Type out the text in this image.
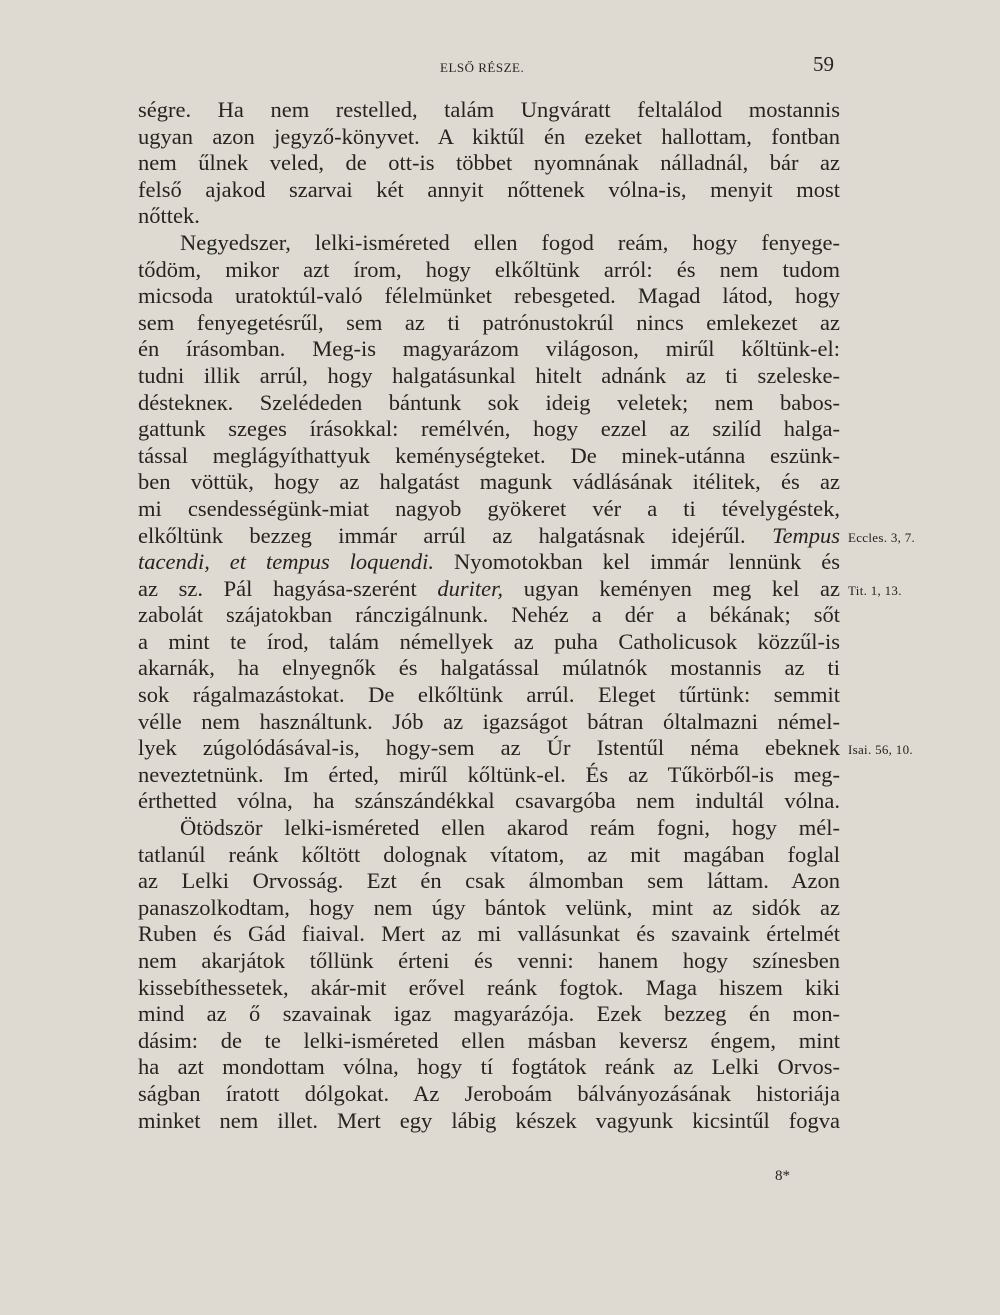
ELSŐ RÉSZE.	59
ségre. Ha nem restelled, talám Ungváratt feltalálod mostannis
ugyan azon jegyző-könyvet. A kiktűl én ezeket hallottam, fontban
nem űlnek veled, de ott-is többet nyomnának nálladnál, bár az
felső ajakod szarvai két annyit nőttenek vólna-is, menyit most
nőttek.
Negyedszer, lelki-isméreted ellen fogod reám, hogy fenyege-
tődöm, mikor azt írom, hogy elkőltünk arról: és nem tudom
micsoda uratoktúl-való félelmünket rebesgeted. Magad látod, hogy
sem fenyegetésrűl, sem az ti patrónustokrúl nincs emlekezet az
én írásomban. Meg-is magyarázom világoson, mirűl kőltünk-el:
tudni illik arrúl, hogy halgatásunkal hitelt adnánk az ti szeleske-
déstekneк. Szelédeden bántunk sok ideig veletek; nem babos-
gattunk szeges írásokkal: remélvén, hogy ezzel az szilíd halga-
tással meglágyíthattyuk keménységteket. De minek-utánna eszünk-
ben vöttük, hogy az halgatást magunk vádlásának itélitek, és az
mi csendességünk-miat nagyob gyökeret vér a ti tévelygéstek,
elkőltünk bezzeg immár arrúl az halgatásnak idejérűl. Tempus
tacendi, et tempus loquendi. Nyomotokban kel immár lennünk és
az sz. Pál hagyása-szerént duriter, ugyan keményen meg kel az
zabolát szájatokban ránczigálnunk. Nehéz a dér a békának; sőt
a mint te írod, talám némellyek az puha Catholicusok közzűl-is
akarnák, ha elnyegnők és halgatással múlatnók mostannis az ti
sok rágalmazástokat. De elkőltünk arrúl. Eleget tűrtünk: semmit
vélle nem használtunk. Jób az igazságot bátran óltalmazni némel-
lyek zúgolódásával-is, hogy-sem az Úr Istentűl néma ebeknek
neveztetnünk. Im érted, mirűl kőltünk-el. És az Tűkörből-is meg-
érthetted vólna, ha szánszándékkal csavargóba nem indultál vólna.
Ötödször lelki-isméreted ellen akarod reám fogni, hogy mél-
tatlanúl reánk kőltött dolognak vítatom, az mit magában foglal
az Lelki Orvosság. Ezt én csak álmomban sem láttam. Azon
panaszolkodtam, hogy nem úgy bántok velünk, mint az sidók az
Ruben és Gád fiaival. Mert az mi vallásunkat és szavaink értelmét
nem akarjátok tőllünk érteni és venni: hanem hogy színesben
kissebíthessetek, akár-mit erővel reánk fogtok. Maga hiszem kiki
mind az ő szavainak igaz magyarázója. Ezek bezzeg én mon-
dásim: de te lelki-isméreted ellen másban keversz éngem, mint
ha azt mondottam vólna, hogy tí fogtátok reánk az Lelki Orvos-
ságban íratott dólgokat. Az Jeroboám bálványozásának historiája
minket nem illet. Mert egy lábig készek vagyunk kicsintűl fogva
Eccles. 3, 7.
Tit. 1, 13.
Isai. 56, 10.
8*
